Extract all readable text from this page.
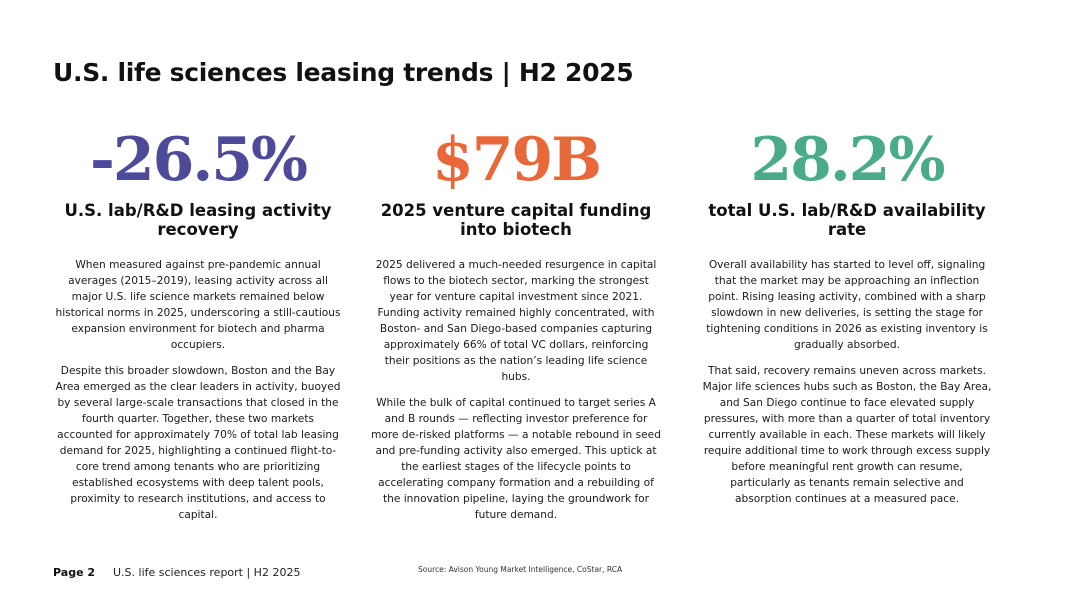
U.S. life sciences leasing trends | H2 2025
-26.5%
U.S. lab/R&D leasing activity recovery

When measured against pre-pandemic annual averages (2015–2019), leasing activity across all major U.S. life science markets remained below historical norms in 2025, underscoring a still-cautious expansion environment for biotech and pharma occupiers.

Despite this broader slowdown, Boston and the Bay Area emerged as the clear leaders in activity, buoyed by several large-scale transactions that closed in the fourth quarter. Together, these two markets accounted for approximately 70% of total lab leasing demand for 2025, highlighting a continued flight-to-core trend among tenants who are prioritizing established ecosystems with deep talent pools, proximity to research institutions, and access to capital.

$79B
2025 venture capital funding into biotech

2025 delivered a much-needed resurgence in capital flows to the biotech sector, marking the strongest year for venture capital investment since 2021. Funding activity remained highly concentrated, with Boston- and San Diego-based companies capturing approximately 66% of total VC dollars, reinforcing their positions as the nation’s leading life science hubs.

While the bulk of capital continued to target series A and B rounds — reflecting investor preference for more de-risked platforms — a notable rebound in seed and pre-funding activity also emerged. This uptick at the earliest stages of the lifecycle points to accelerating company formation and a rebuilding of the innovation pipeline, laying the groundwork for future demand.

28.2%
total U.S. lab/R&D availability rate

Overall availability has started to level off, signaling that the market may be approaching an inflection point. Rising leasing activity, combined with a sharp slowdown in new deliveries, is setting the stage for tightening conditions in 2026 as existing inventory is gradually absorbed.

That said, recovery remains uneven across markets. Major life sciences hubs such as Boston, the Bay Area, and San Diego continue to face elevated supply pressures, with more than a quarter of total inventory currently available in each. These markets will likely require additional time to work through excess supply before meaningful rent growth can resume, particularly as tenants remain selective and absorption continues at a measured pace.

Page 2 U.S. life sciences report | H2 2025	Source: Avison Young Market Intelligence, CoStar, RCA
